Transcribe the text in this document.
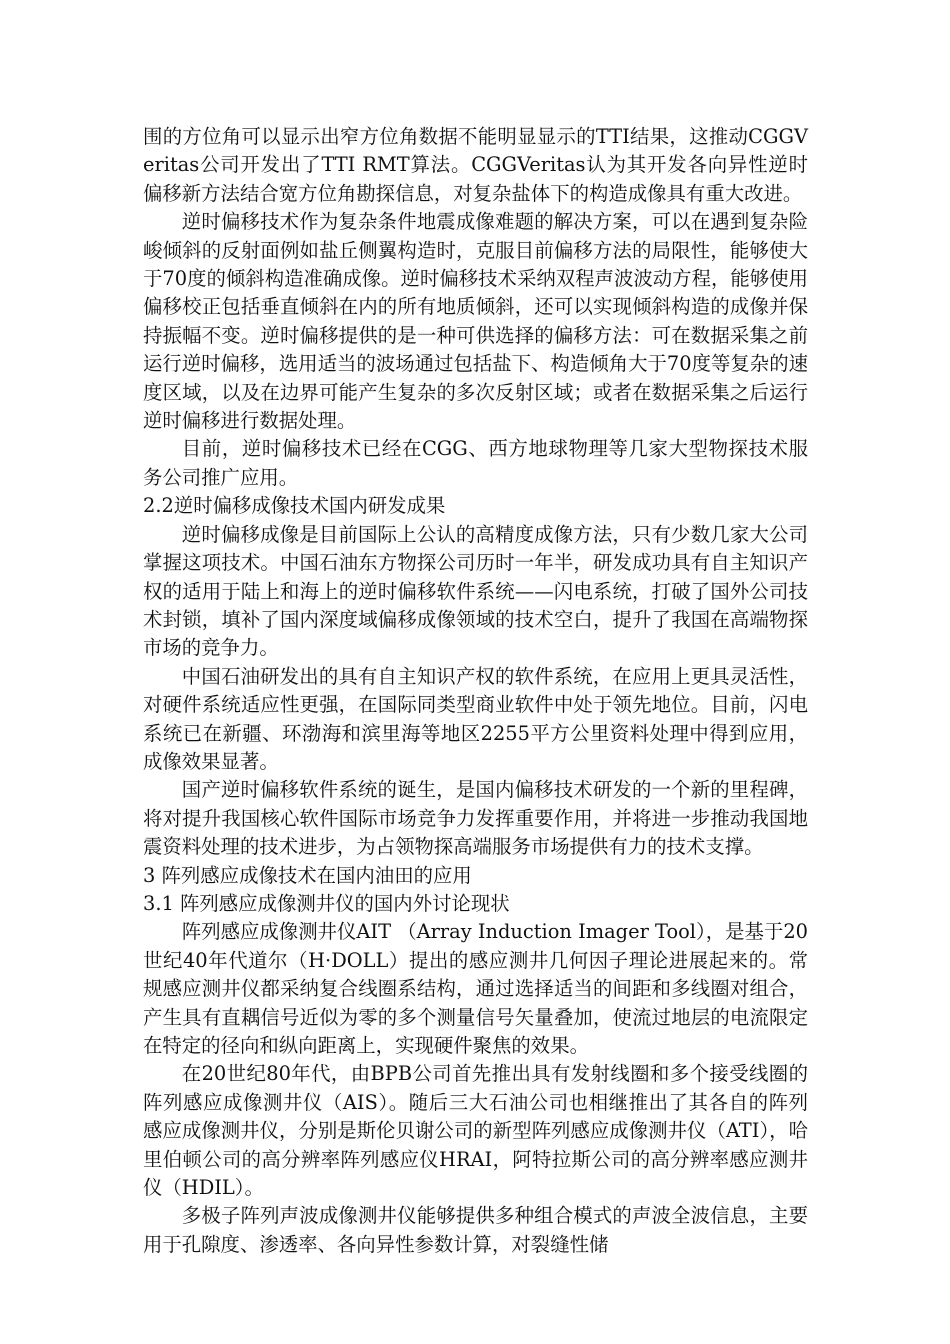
围的方位角可以显示出窄方位角数据不能明显显示的TTI结果，这推动CGGVeritas公司开发出了TTI RMT算法。CGGVeritas认为其开发各向异性逆时偏移新方法结合宽方位角勘探信息，对复杂盐体下的构造成像具有重大改进。

逆时偏移技术作为复杂条件地震成像难题的解决方案，可以在遇到复杂险峻倾斜的反射面例如盐丘侧翼构造时，克服目前偏移方法的局限性，能够使大于70度的倾斜构造准确成像。逆时偏移技术采纳双程声波波动方程，能够使用偏移校正包括垂直倾斜在内的所有地质倾斜，还可以实现倾斜构造的成像并保持振幅不变。逆时偏移提供的是一种可供选择的偏移方法：可在数据采集之前运行逆时偏移，选用适当的波场通过包括盐下、构造倾角大于70度等复杂的速度区域，以及在边界可能产生复杂的多次反射区域；或者在数据采集之后运行逆时偏移进行数据处理。

目前，逆时偏移技术已经在CGG、西方地球物理等几家大型物探技术服务公司推广应用。

2.2逆时偏移成像技术国内研发成果

逆时偏移成像是目前国际上公认的高精度成像方法，只有少数几家大公司掌握这项技术。中国石油东方物探公司历时一年半，研发成功具有自主知识产权的适用于陆上和海上的逆时偏移软件系统——闪电系统，打破了国外公司技术封锁，填补了国内深度域偏移成像领域的技术空白，提升了我国在高端物探市场的竞争力。

中国石油研发出的具有自主知识产权的软件系统，在应用上更具灵活性，对硬件系统适应性更强，在国际同类型商业软件中处于领先地位。目前，闪电系统已在新疆、环渤海和滨里海等地区2255平方公里资料处理中得到应用，成像效果显著。

国产逆时偏移软件系统的诞生，是国内偏移技术研发的一个新的里程碑，将对提升我国核心软件国际市场竞争力发挥重要作用，并将进一步推动我国地震资料处理的技术进步，为占领物探高端服务市场提供有力的技术支撑。

3 阵列感应成像技术在国内油田的应用

3.1 阵列感应成像测井仪的国内外讨论现状

阵列感应成像测井仪AIT （Array Induction Imager Tool），是基于20世纪40年代道尔（H·DOLL）提出的感应测井几何因子理论进展起来的。常规感应测井仪都采纳复合线圈系结构，通过选择适当的间距和多线圈对组合，产生具有直耦信号近似为零的多个测量信号矢量叠加，使流过地层的电流限定在特定的径向和纵向距离上，实现硬件聚焦的效果。

在20世纪80年代，由BPB公司首先推出具有发射线圈和多个接受线圈的阵列感应成像测井仪（AIS）。随后三大石油公司也相继推出了其各自的阵列感应成像测井仪，分别是斯伦贝谢公司的新型阵列感应成像测井仪（ATI），哈里伯顿公司的高分辨率阵列感应仪HRAI，阿特拉斯公司的高分辨率感应测井仪（HDIL）。

多极子阵列声波成像测井仪能够提供多种组合模式的声波全波信息，主要用于孔隙度、渗透率、各向异性参数计算，对裂缝性储
